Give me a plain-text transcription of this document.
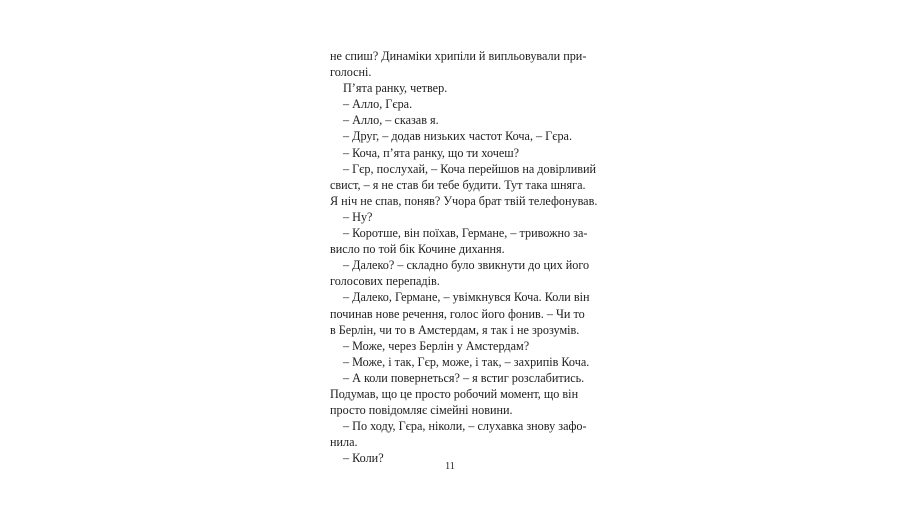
не спиш? Динаміки хрипіли й випльовували при-
голосні.
П’ята ранку, четвер.
– Алло, Гєра.
– Алло, – сказав я.
– Друг, – додав низьких частот Коча, – Гєра.
– Коча, п’ята ранку, що ти хочеш?
– Гєр, послухай, – Коча перейшов на довірливий
свист, – я не став би тебе будити. Тут така шняга.
Я ніч не спав, поняв? Учора брат твій телефонував.
– Ну?
– Коротше, він поїхав, Германе, – тривожно за-
висло по той бік Кочине дихання.
– Далеко? – складно було звикнути до цих його
голосових перепадів.
– Далеко, Германе, – увімкнувся Коча. Коли він
починав нове речення, голос його фонив. – Чи то
в Берлін, чи то в Амстердам, я так і не зрозумів.
– Може, через Берлін у Амстердам?
– Може, і так, Гєр, може, і так, – захрипів Коча.
– А коли повернеться? – я встиг розслабитись.
Подумав, що це просто робочий момент, що він
просто повідомляє сімейні новини.
– По ходу, Гєра, ніколи, – слухавка знову зафо-
нила.
– Коли?
11
